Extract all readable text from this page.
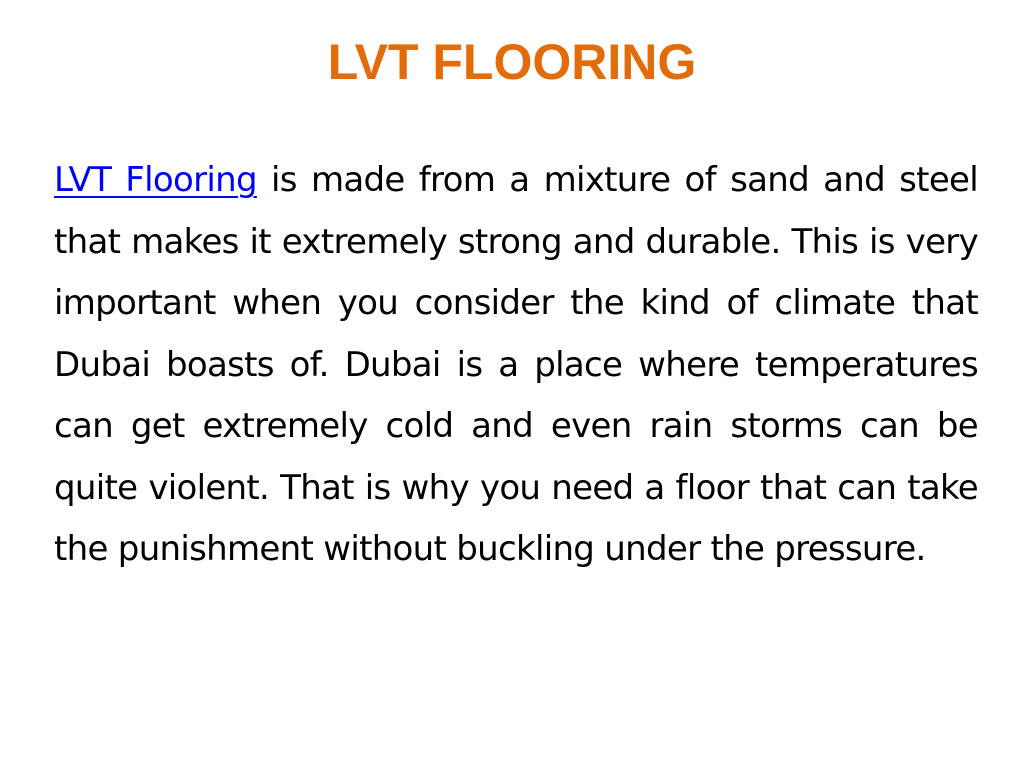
LVT FLOORING

LVT Flooring is made from a mixture of sand and steel that makes it extremely strong and durable. This is very important when you consider the kind of climate that Dubai boasts of. Dubai is a place where temperatures can get extremely cold and even rain storms can be quite violent. That is why you need a floor that can take the punishment without buckling under the pressure.
